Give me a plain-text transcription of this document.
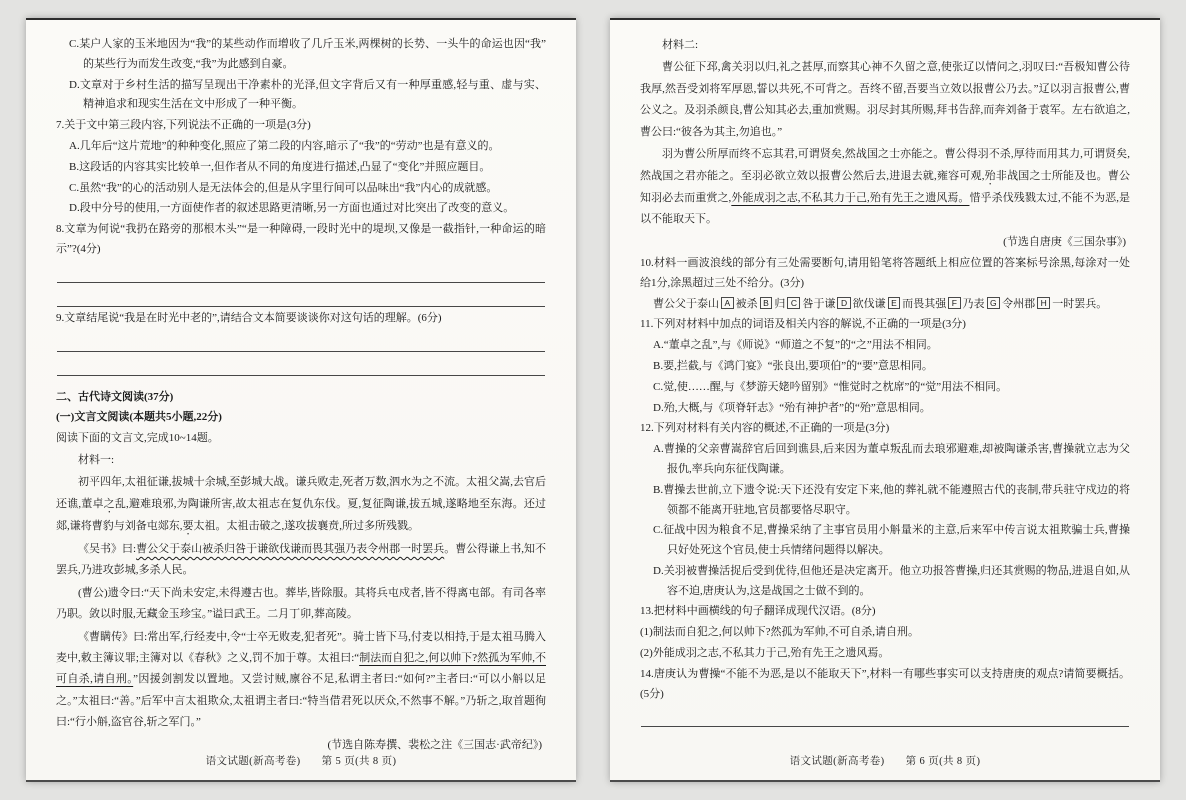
C.某户人家的玉米地因为“我”的某些动作而增收了几斤玉米,两棵树的长势、一头牛的命运也因“我”的某些行为而发生改变,“我”为此感到自豪。
D.文章对于乡村生活的描写呈现出干净素朴的光泽,但文字背后又有一种厚重感,轻与重、虚与实、精神追求和现实生活在文中形成了一种平衡。
7.关于文中第三段内容,下列说法不正确的一项是(3分)
A.几年后“这片荒地”的种种变化,照应了第二段的内容,暗示了“我”的“劳动”也是有意义的。
B.这段话的内容其实比较单一,但作者从不同的角度进行描述,凸显了“变化”并照应题目。
C.虽然“我”的心的活动别人是无法体会的,但是从字里行间可以品味出“我”内心的成就感。
D.段中分号的使用,一方面使作者的叙述思路更清晰,另一方面也通过对比突出了改变的意义。
8.文章为何说“我扔在路旁的那根木头”“是一种障碍,一段时光中的堤坝,又像是一截指针,一种命运的暗示”?(4分)
9.文章结尾说“我是在时光中老的”,请结合文本简要谈谈你对这句话的理解。(6分)
二、古代诗文阅读(37分)
(一)文言文阅读(本题共5小题,22分)
阅读下面的文言文,完成10~14题。
材料一:
初平四年,太祖征谦,拔城十余城,至彭城大战。谦兵败走,死者万数,泗水为之不流。太祖父嵩,去官后还谯,董卓之乱,避难琅邪,为陶谦所害,故太祖志在复仇东伐。夏,复征陶谦,拔五城,遂略地至东海。还过郯,谦将曹豹与刘备屯郯东,要太祖。太祖击破之,遂攻拔襄贲,所过多所残戮。
《吴书》曰:曹公父于泰山被杀归咎于谦欲伐谦而畏其强乃表令州郡一时罢兵。曹公得谦上书,知不罢兵,乃进攻彭城,多杀人民。
(曹公)遗令曰:“天下尚未安定,未得遵古也。葬毕,皆除服。其将兵屯戍者,皆不得离屯部。有司各率乃职。敛以时服,无藏金玉珍宝。”谥曰武王。二月丁卯,葬高陵。
《曹瞒传》曰:常出军,行经麦中,令“士卒无败麦,犯者死”。骑士皆下马,付麦以相持,于是太祖马腾入麦中,敕主簿议罪;主簿对以《春秋》之义,罚不加于尊。太祖曰:“制法而自犯之,何以帅下?然孤为军帅,不可自杀,请自刑。”因援剑割发以置地。又尝讨贼,廪谷不足,私谓主者曰:“如何?”主者曰:“可以小斛以足之。”太祖曰:“善。”后军中言太祖欺众,太祖谓主者曰:“特当借君死以厌众,不然事不解。”乃斩之,取首题徇曰:“行小斛,盗官谷,斩之军门。”
(节选自陈寿撰、裴松之注《三国志·武帝纪》)
语文试题(新高考卷) 第 5 页(共 8 页)
材料二:
曹公征下邳,禽关羽以归,礼之甚厚,而察其心神不久留之意,使张辽以情问之,羽叹曰:“吾极知曹公待我厚,然吾受刘将军厚恩,誓以共死,不可背之。吾终不留,吾要当立效以报曹公乃去。”辽以羽言报曹公,曹公义之。及羽杀颜良,曹公知其必去,重加赏赐。羽尽封其所赐,拜书告辞,而奔刘备于袁军。左右欲追之,曹公曰:“彼各为其主,勿追也。”
羽为曹公所厚而终不忘其君,可谓贤矣,然战国之士亦能之。曹公得羽不杀,厚待而用其力,可谓贤矣,然战国之君亦能之。至羽必欲立效以报曹公然后去,进退去就,雍容可观,殆非战国之士所能及也。曹公知羽必去而重赏之,外能成羽之志,不私其力于己,殆有先王之遗风焉。惜乎杀伐残戮太过,不能不为恶,是以不能取天下。
(节选自唐庚《三国杂事》)
10.材料一画波浪线的部分有三处需要断句,请用铅笔将答题纸上相应位置的答案标号涂黑,每涂对一处给1分,涂黑超过三处不给分。(3分)
曹公父于泰山 A 被杀 B 归 C 咎于谦 D 欲伐谦 E 而畏其强 F 乃表 G 令州郡 H 一时罢兵。
11.下列对材料中加点的词语及相关内容的解说,不正确的一项是(3分)
A.“董卓之乱”,与《师说》“师道之不复”的“之”用法不相同。
B.要,拦截,与《鸿门宴》“张良出,要项伯”的“要”意思相同。
C.觉,使……醒,与《梦游天姥吟留别》“惟觉时之枕席”的“觉”用法不相同。
D.殆,大概,与《项脊轩志》“殆有神护者”的“殆”意思相同。
12.下列对材料有关内容的概述,不正确的一项是(3分)
A.曹操的父亲曹嵩辞官后回到谯县,后来因为董卓叛乱而去琅邪避难,却被陶谦杀害,曹操就立志为父报仇,率兵向东征伐陶谦。
B.曹操去世前,立下遗令说:天下还没有安定下来,他的葬礼就不能遵照古代的丧制,带兵驻守戍边的将领都不能离开驻地,官员都要恪尽职守。
C.征战中因为粮食不足,曹操采纳了主事官员用小斛量米的主意,后来军中传言说太祖欺骗士兵,曹操只好处死这个官员,使士兵情绪问题得以解决。
D.关羽被曹操活捉后受到优待,但他还是决定离开。他立功报答曹操,归还其赏赐的物品,进退自如,从容不迫,唐庚认为,这是战国之士做不到的。
13.把材料中画横线的句子翻译成现代汉语。(8分)
(1)制法而自犯之,何以帅下?然孤为军帅,不可自杀,请自刑。
(2)外能成羽之志,不私其力于己,殆有先王之遗风焉。
14.唐庚认为曹操“不能不为恶,是以不能取天下”,材料一有哪些事实可以支持唐庚的观点?请简要概括。(5分)
语文试题(新高考卷) 第 6 页(共 8 页)
